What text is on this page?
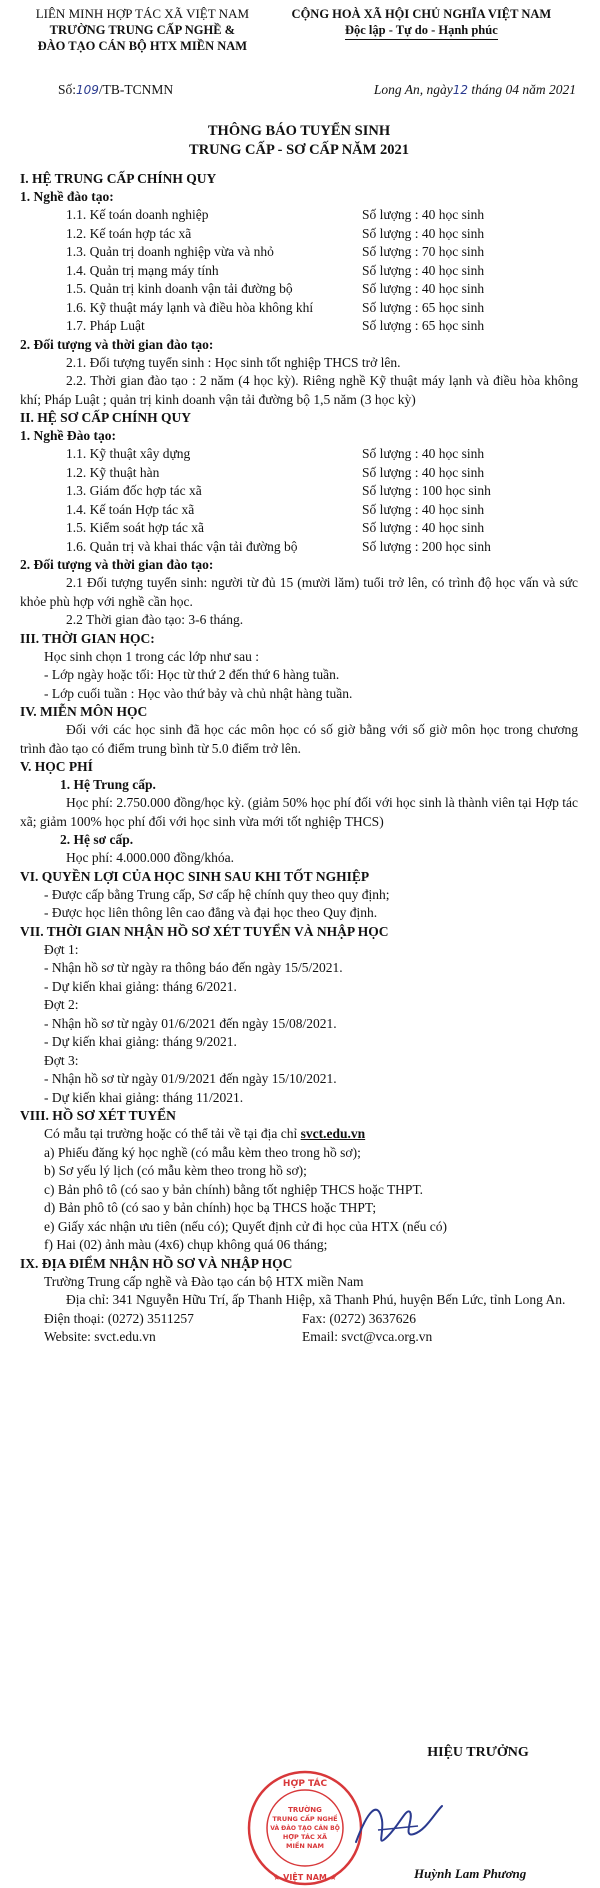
LIÊN MINH HỢP TÁC XÃ VIỆT NAM
TRƯỜNG TRUNG CẤP NGHỀ &
ĐÀO TẠO CÁN BỘ HTX MIỀN NAM
CỘNG HOÀ XÃ HỘI CHỦ NGHĨA VIỆT NAM
Độc lập - Tự do - Hạnh phúc
Số:109/TB-TCNMN	Long An, ngày12 tháng 04 năm 2021
THÔNG BÁO TUYỂN SINH
TRUNG CẤP - SƠ CẤP NĂM 2021
I. HỆ TRUNG CẤP CHÍNH QUY
1. Nghề đào tạo:
1.1. Kế toán doanh nghiệp	Số lượng : 40 học sinh
1.2. Kế toán hợp tác xã	Số lượng : 40 học sinh
1.3. Quản trị doanh nghiệp vừa và nhỏ	Số lượng : 70 học sinh
1.4. Quản trị mạng máy tính	Số lượng : 40 học sinh
1.5. Quản trị kinh doanh vận tải đường bộ	Số lượng : 40 học sinh
1.6. Kỹ thuật máy lạnh và điều hòa không khí	Số lượng : 65 học sinh
1.7. Pháp Luật	Số lượng : 65 học sinh
2. Đối tượng và thời gian đào tạo:
2.1. Đối tượng tuyển sinh : Học sinh tốt nghiệp THCS trở lên.
2.2. Thời gian đào tạo : 2 năm (4 học kỳ). Riêng nghề Kỹ thuật máy lạnh và điều hòa không khí; Pháp Luật ; quản trị kinh doanh vận tải đường bộ 1,5 năm (3 học kỳ)
II. HỆ SƠ CẤP CHÍNH QUY
1. Nghề Đào tạo:
1.1. Kỹ thuật xây dựng	Số lượng : 40 học sinh
1.2. Kỹ thuật hàn	Số lượng : 40 học sinh
1.3. Giám đốc hợp tác xã	Số lượng : 100 học sinh
1.4. Kế toán Hợp tác xã	Số lượng : 40 học sinh
1.5. Kiểm soát hợp tác xã	Số lượng : 40 học sinh
1.6. Quản trị và khai thác vận tải đường bộ	Số lượng : 200 học sinh
2. Đối tượng và thời gian đào tạo:
2.1 Đối tượng tuyển sinh: người từ đủ 15 (mười lăm) tuổi trở lên, có trình độ học vấn và sức khỏe phù hợp với nghề cần học.
2.2 Thời gian đào tạo: 3-6 tháng.
III. THỜI GIAN HỌC:
Học sinh chọn 1 trong các lớp như sau :
- Lớp ngày hoặc tối: Học từ thứ 2 đến thứ 6 hàng tuần.
- Lớp cuối tuần : Học vào thứ bảy và chủ nhật hàng tuần.
IV. MIỄN MÔN HỌC
Đối với các học sinh đã học các môn học có số giờ bằng với số giờ môn học trong chương trình đào tạo có điểm trung bình từ 5.0 điểm trở lên.
V. HỌC PHÍ
1. Hệ Trung cấp.
Học phí: 2.750.000 đồng/học kỳ. (giảm 50% học phí đối với học sinh là thành viên tại Hợp tác xã; giảm 100% học phí đối với học sinh vừa mới tốt nghiệp THCS)
2. Hệ sơ cấp.
Học phí: 4.000.000 đồng/khóa.
VI. QUYỀN LỢI CỦA HỌC SINH SAU KHI TỐT NGHIỆP
- Được cấp bằng Trung cấp, Sơ cấp hệ chính quy theo quy định;
- Được học liên thông lên cao đẳng và đại học theo Quy định.
VII. THỜI GIAN NHẬN HỒ SƠ XÉT TUYỂN VÀ NHẬP HỌC
Đợt 1:
- Nhận hồ sơ từ ngày ra thông báo đến ngày 15/5/2021.
- Dự kiến khai giảng: tháng 6/2021.
Đợt 2:
- Nhận hồ sơ từ ngày 01/6/2021 đến ngày 15/08/2021.
- Dự kiến khai giảng: tháng 9/2021.
Đợt 3:
- Nhận hồ sơ từ ngày 01/9/2021 đến ngày 15/10/2021.
- Dự kiến khai giảng: tháng 11/2021.
VIII. HỒ SƠ XÉT TUYỂN
Có mẫu tại trường hoặc có thể tải về tại địa chỉ svct.edu.vn
a) Phiếu đăng ký học nghề (có mẫu kèm theo trong hồ sơ);
b) Sơ yếu lý lịch (có mẫu kèm theo trong hồ sơ);
c) Bản phô tô (có sao y bản chính) bằng tốt nghiệp THCS hoặc THPT.
d) Bản phô tô (có sao y bản chính) học bạ THCS hoặc THPT;
e) Giấy xác nhận ưu tiên (nếu có); Quyết định cử đi học của HTX (nếu có)
f) Hai (02) ảnh màu (4x6) chụp không quá 06 tháng;
IX. ĐỊA ĐIỂM NHẬN HỒ SƠ VÀ NHẬP HỌC
Trường Trung cấp nghề và Đào tạo cán bộ HTX miền Nam
Địa chỉ: 341 Nguyễn Hữu Trí, ấp Thanh Hiệp, xã Thanh Phú, huyện Bến Lức, tỉnh Long An.
Điện thoại: (0272) 3511257	Fax: (0272) 3637626
Website: svct.edu.vn	Email: svct@vca.org.vn
HỢP TÁC
★ VIỆT NAM ★
TRƯỜNG
TRUNG CẤP NGHỀ
VÀ ĐÀO TẠO CÁN BỘ
HỢP TÁC XÃ
MIỀN NAM
HIỆU TRƯỞNG
Huỳnh Lam Phương
